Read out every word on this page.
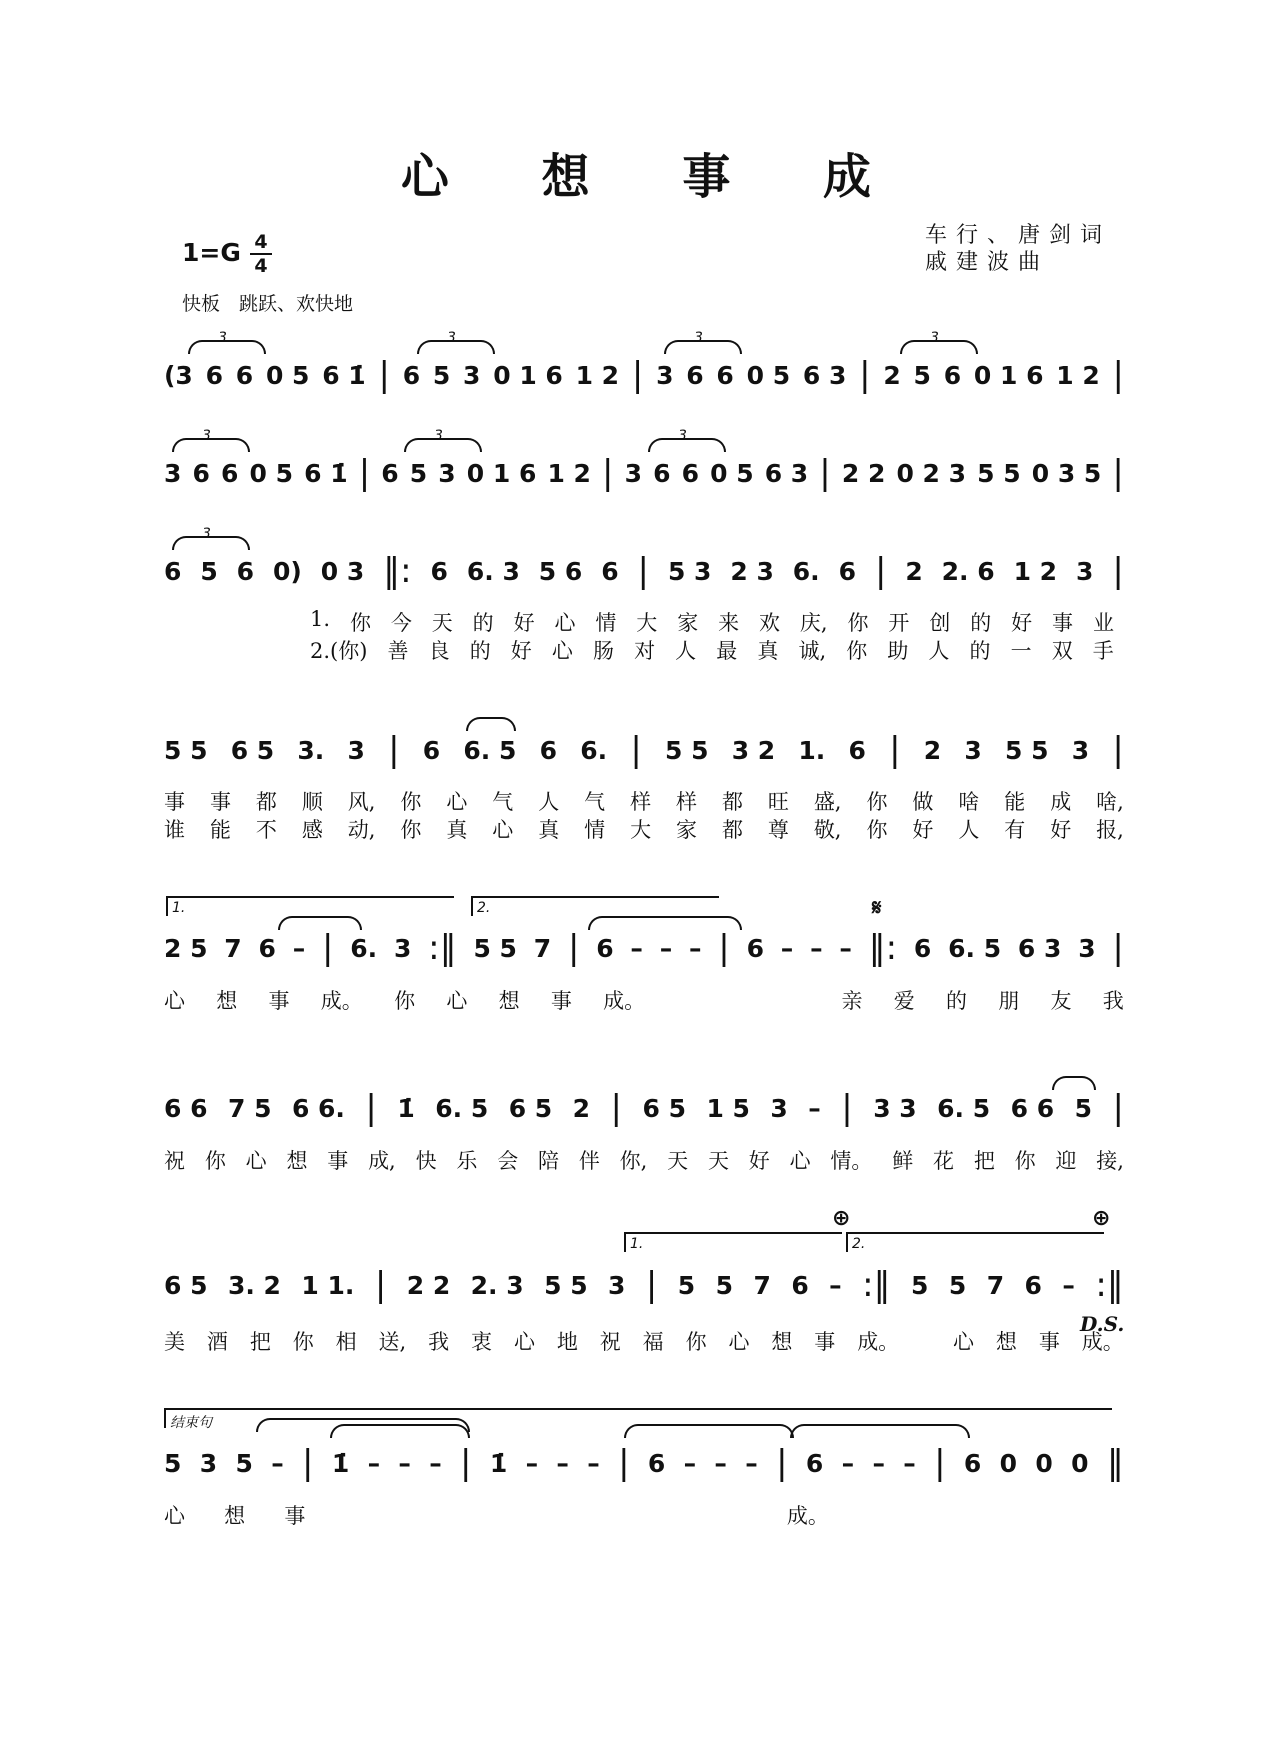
心 想 事 成
1=G 4
4
快板　跳跃、欢快地
车行、唐剑词
戚建波曲
3	3	3	3
(3 6 6 0 5 6 1̇ | 6 5 3 0 1 6 1 2 | 3 6 6 0 5 6 3 | 2 5 6 0 1 6 1 2 |
3	3	3
3 6 6 0 5 6 1̇ | 6 5 3 0 1 6 1 2 | 3 6 6 0 5 6 3 | 2 2 0 2 3 5 5 0 3 5 |
3
6 5 6 0) 0 3 ‖: 6 6. 3 5 6 6 | 5 3 2 3 6. 6 | 2 2. 6 1 2 3 |
1. 你 今 天 的 好 心 情 大 家 来 欢 庆, 你 开 创 的 好 事 业
2.(你) 善 良 的 好 心 肠 对 人 最 真 诚, 你 助 人 的 一 双 手
5 5 6 5 3. 3 | 6 6. 5 6 6. | 5 5 3 2 1. 6 | 2 3 5 5 3 |
事 事 都 顺 风, 你 心 气 人 气 样 样 都 旺 盛, 你 做 啥 能 成 啥,
谁 能 不 感 动, 你 真 心 真 情 大 家 都 尊 敬, 你 好 人 有 好 报,
1.	2.	𝄋
2 5 7 6 – | 6. 3 :‖ 5 5 7 | 6 – – – | 6 – – – ‖: 6 6. 5 6 3 3 |
心 想 事 成。 你 心 想 事 成。	亲 爱 的 朋 友 我
6 6 7 5 6 6. | 1̇ 6. 5 6 5 2 | 6 5 1 5 3 – | 3 3 6. 5 6 6 5 |
祝 你 心 想 事 成, 快 乐 会 陪 伴 你, 天 天 好 心 情。 鲜 花 把 你 迎 接,
1.	2.
⊕	⊕
6 5 3. 2 1 1. | 2 2 2. 3 5 5 3 | 5 5 7 6 – :‖ 5 5 7 6 – :‖
美 酒 把 你 相 送, 我 衷 心 地 祝 福 你 心 想 事 成。	心 想 事 成。
D.S.
结束句
5 3 5 – | 1̇ – – – | 1̇ – – – | 6 – – – | 6 – – – | 6 0 0 0 ‖
心 想 事	成。
